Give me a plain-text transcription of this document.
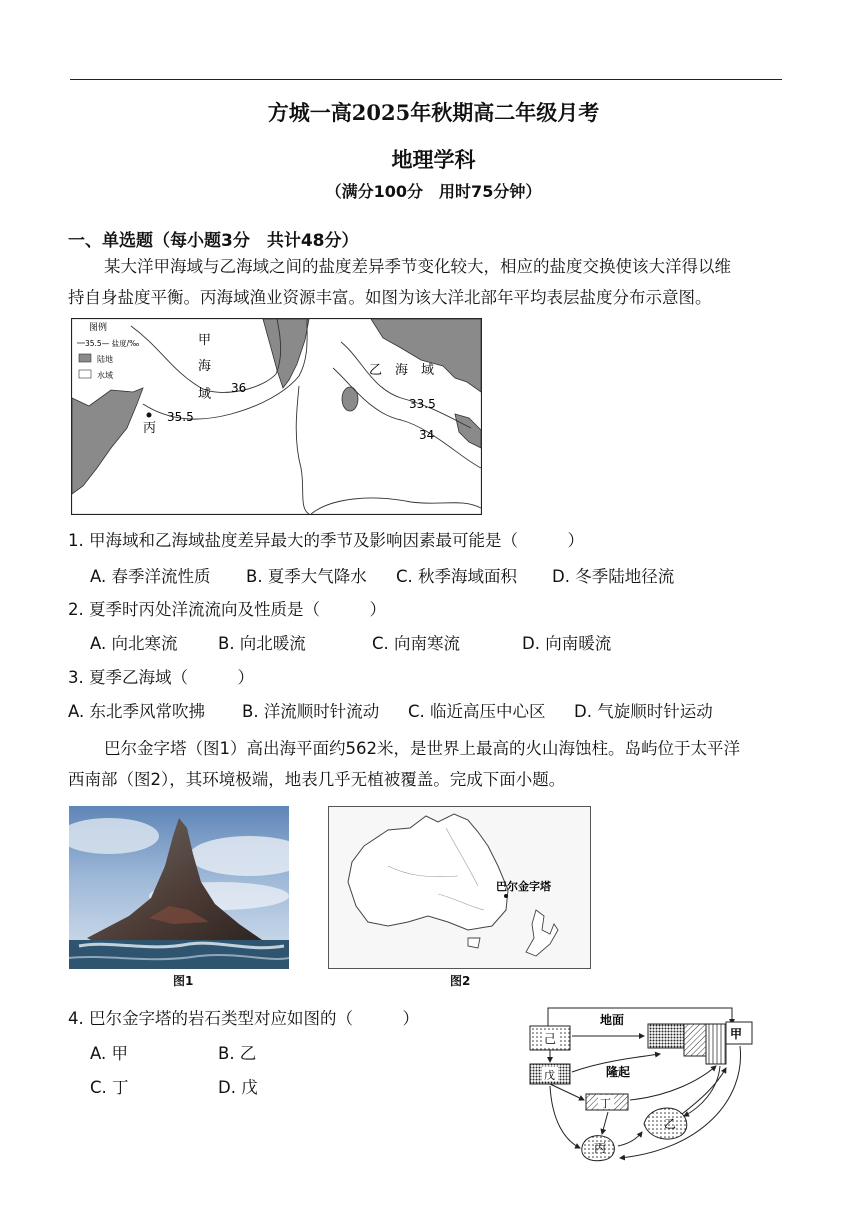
方城一高2025年秋期高二年级月考
地理学科
（满分100分　用时75分钟）
一、单选题（每小题3分　共计48分）
某大洋甲海域与乙海域之间的盐度差异季节变化较大，相应的盐度交换使该大洋得以维
持自身盐度平衡。丙海域渔业资源丰富。如图为该大洋北部年平均表层盐度分布示意图。
图例
35.5— 盐度/‰
陆地
水域
甲
海
域
乙　海　域
丙
36
35.5
33.5
34
1. 甲海域和乙海域盐度差异最大的季节及影响因素最可能是（　　　）
A. 春季洋流性质 B. 夏季大气降水 C. 秋季海域面积 D. 冬季陆地径流
2. 夏季时丙处洋流流向及性质是（　　　）
A. 向北寒流 B. 向北暖流	C. 向南寒流	D. 向南暖流
3. 夏季乙海域（　　　）
A. 东北季风常吹拂 B. 洋流顺时针流动 C. 临近高压中心区 D. 气旋顺时针运动
巴尔金字塔（图1）高出海平面约562米，是世界上最高的火山海蚀柱。岛屿位于太平洋
西南部（图2），其环境极端，地表几乎无植被覆盖。完成下面小题。
图1
巴尔金字塔
图2
4. 巴尔金字塔的岩石类型对应如图的（　　　）
A. 甲	B. 乙
C. 丁	D. 戊
己
地面
甲
戊	隆起
丁
乙
丙
